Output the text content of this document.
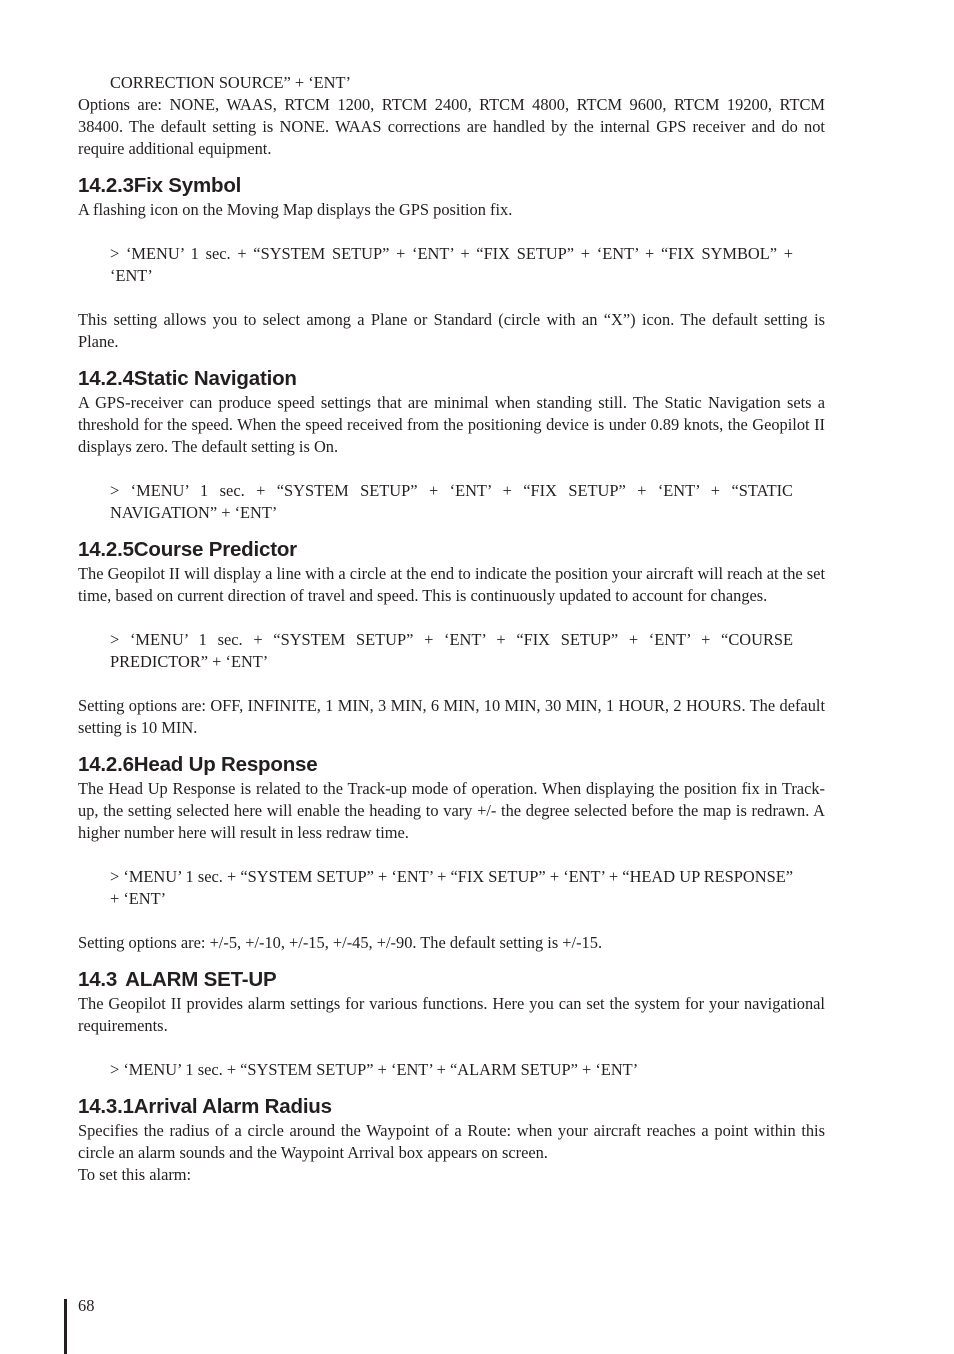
CORRECTION SOURCE” + ‘ENT’

Options are: NONE, WAAS, RTCM 1200, RTCM 2400, RTCM 4800, RTCM 9600, RTCM 19200, RTCM 38400. The default setting is NONE. WAAS corrections are handled by the internal GPS receiver and do not require additional equipment.

14.2.3Fix Symbol

A flashing icon on the Moving Map displays the GPS position fix.

> ‘MENU’ 1 sec. + “SYSTEM SETUP” + ‘ENT’ + “FIX SETUP” + ‘ENT’ + “FIX SYMBOL” + ‘ENT’

This setting allows you to select among a Plane or Standard (circle with an “X”) icon. The default setting is Plane.

14.2.4Static Navigation

A GPS-receiver can produce speed settings that are minimal when standing still. The Static Navigation sets a threshold for the speed. When the speed received from the positioning device is under 0.89 knots, the Geopilot II displays zero. The default setting is On.

> ‘MENU’ 1 sec. + “SYSTEM SETUP” + ‘ENT’ + “FIX SETUP” + ‘ENT’ + “STATIC NAVIGATION” + ‘ENT’

14.2.5Course Predictor

The Geopilot II will display a line with a circle at the end to indicate the position your aircraft will reach at the set time, based on current direction of travel and speed. This is continuously updated to account for changes.

> ‘MENU’ 1 sec. + “SYSTEM SETUP” + ‘ENT’ + “FIX SETUP” + ‘ENT’ + “COURSE PREDICTOR” + ‘ENT’

Setting options are: OFF, INFINITE, 1 MIN, 3 MIN, 6 MIN, 10 MIN, 30 MIN, 1 HOUR, 2 HOURS. The default setting is 10 MIN.

14.2.6Head Up Response

The Head Up Response is related to the Track-up mode of operation. When displaying the position fix in Track-up, the setting selected here will enable the heading to vary +/- the degree selected before the map is redrawn. A higher number here will result in less redraw time.

> ‘MENU’ 1 sec. + “SYSTEM SETUP” + ‘ENT’ + “FIX SETUP” + ‘ENT’ + “HEAD UP RESPONSE” + ‘ENT’

Setting options are: +/-5, +/-10, +/-15, +/-45, +/-90. The default setting is +/-15.

14.3 ALARM SET-UP

The Geopilot II provides alarm settings for various functions. Here you can set the system for your navigational requirements.

> ‘MENU’ 1 sec. + “SYSTEM SETUP” + ‘ENT’ + “ALARM SETUP” + ‘ENT’

14.3.1Arrival Alarm Radius

Specifies the radius of a circle around the Waypoint of a Route: when your aircraft reaches a point within this circle an alarm sounds and the Waypoint Arrival box appears on screen.

To set this alarm:

68
